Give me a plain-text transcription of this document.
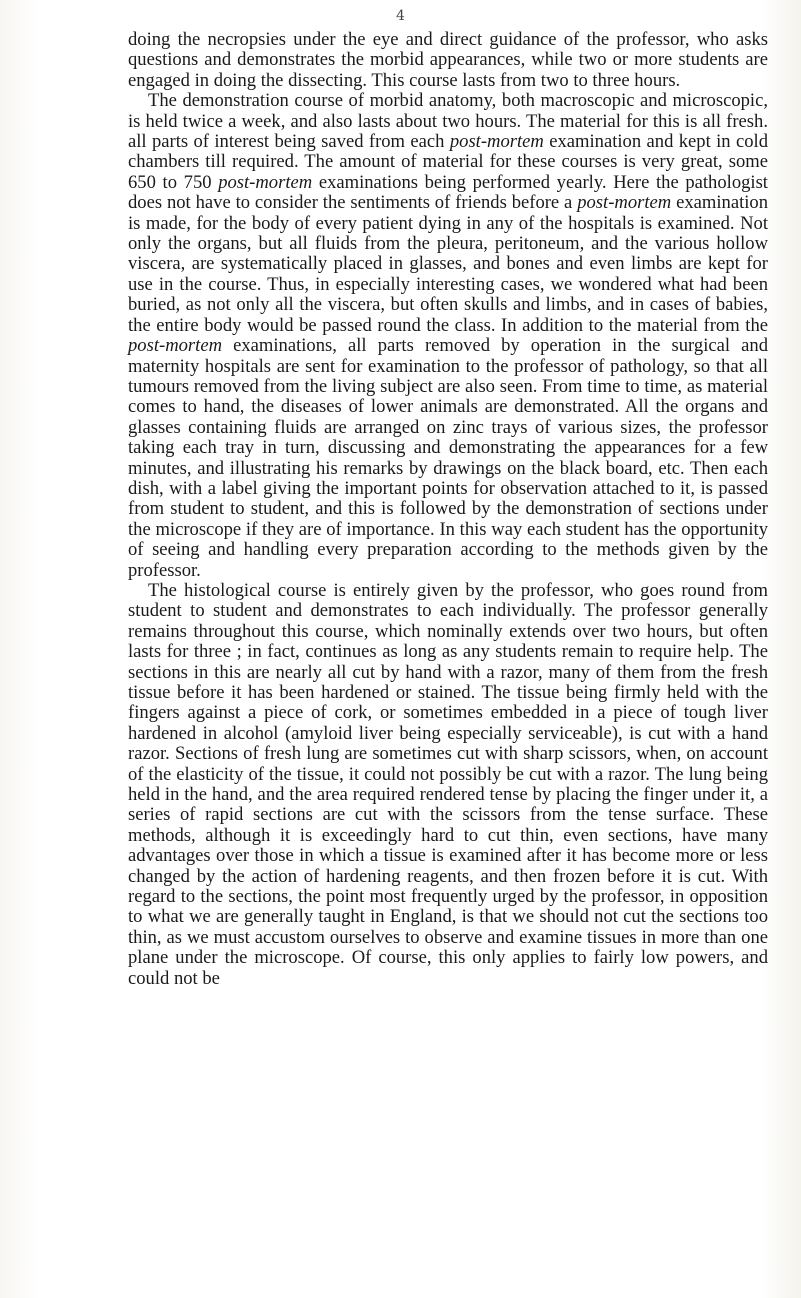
4

doing the necropsies under the eye and direct guidance of the professor, who asks questions and demonstrates the morbid appearances, while two or more students are engaged in doing the dissecting. This course lasts from two to three hours.

The demonstration course of morbid anatomy, both macroscopic and microscopic, is held twice a week, and also lasts about two hours. The material for this is all fresh. all parts of interest being saved from each post-mortem examination and kept in cold chambers till required. The amount of material for these courses is very great, some 650 to 750 post-mortem examinations being performed yearly. Here the pathologist does not have to consider the sentiments of friends before a post-mortem examination is made, for the body of every patient dying in any of the hospitals is examined. Not only the organs, but all fluids from the pleura, peritoneum, and the various hollow viscera, are systematically placed in glasses, and bones and even limbs are kept for use in the course. Thus, in especially interesting cases, we wondered what had been buried, as not only all the viscera, but often skulls and limbs, and in cases of babies, the entire body would be passed round the class. In addition to the material from the post-mortem examinations, all parts removed by operation in the surgical and maternity hospitals are sent for examination to the professor of pathology, so that all tumours removed from the living subject are also seen. From time to time, as material comes to hand, the diseases of lower animals are demonstrated. All the organs and glasses containing fluids are arranged on zinc trays of various sizes, the professor taking each tray in turn, discussing and demonstrating the appearances for a few minutes, and illustrating his remarks by drawings on the black board, etc. Then each dish, with a label giving the important points for observation attached to it, is passed from student to student, and this is followed by the demonstration of sections under the microscope if they are of importance. In this way each student has the opportunity of seeing and handling every preparation according to the methods given by the professor.

The histological course is entirely given by the professor, who goes round from student to student and demonstrates to each individually. The professor generally remains throughout this course, which nominally extends over two hours, but often lasts for three ; in fact, continues as long as any students remain to require help. The sections in this are nearly all cut by hand with a razor, many of them from the fresh tissue before it has been hardened or stained. The tissue being firmly held with the fingers against a piece of cork, or sometimes embedded in a piece of tough liver hardened in alcohol (amyloid liver being especially serviceable), is cut with a hand razor. Sections of fresh lung are sometimes cut with sharp scissors, when, on account of the elasticity of the tissue, it could not possibly be cut with a razor. The lung being held in the hand, and the area required rendered tense by placing the finger under it, a series of rapid sections are cut with the scissors from the tense surface. These methods, although it is exceedingly hard to cut thin, even sections, have many advantages over those in which a tissue is examined after it has become more or less changed by the action of hardening reagents, and then frozen before it is cut. With regard to the sections, the point most frequently urged by the professor, in opposition to what we are generally taught in England, is that we should not cut the sections too thin, as we must accustom ourselves to observe and examine tissues in more than one plane under the microscope. Of course, this only applies to fairly low powers, and could not be
